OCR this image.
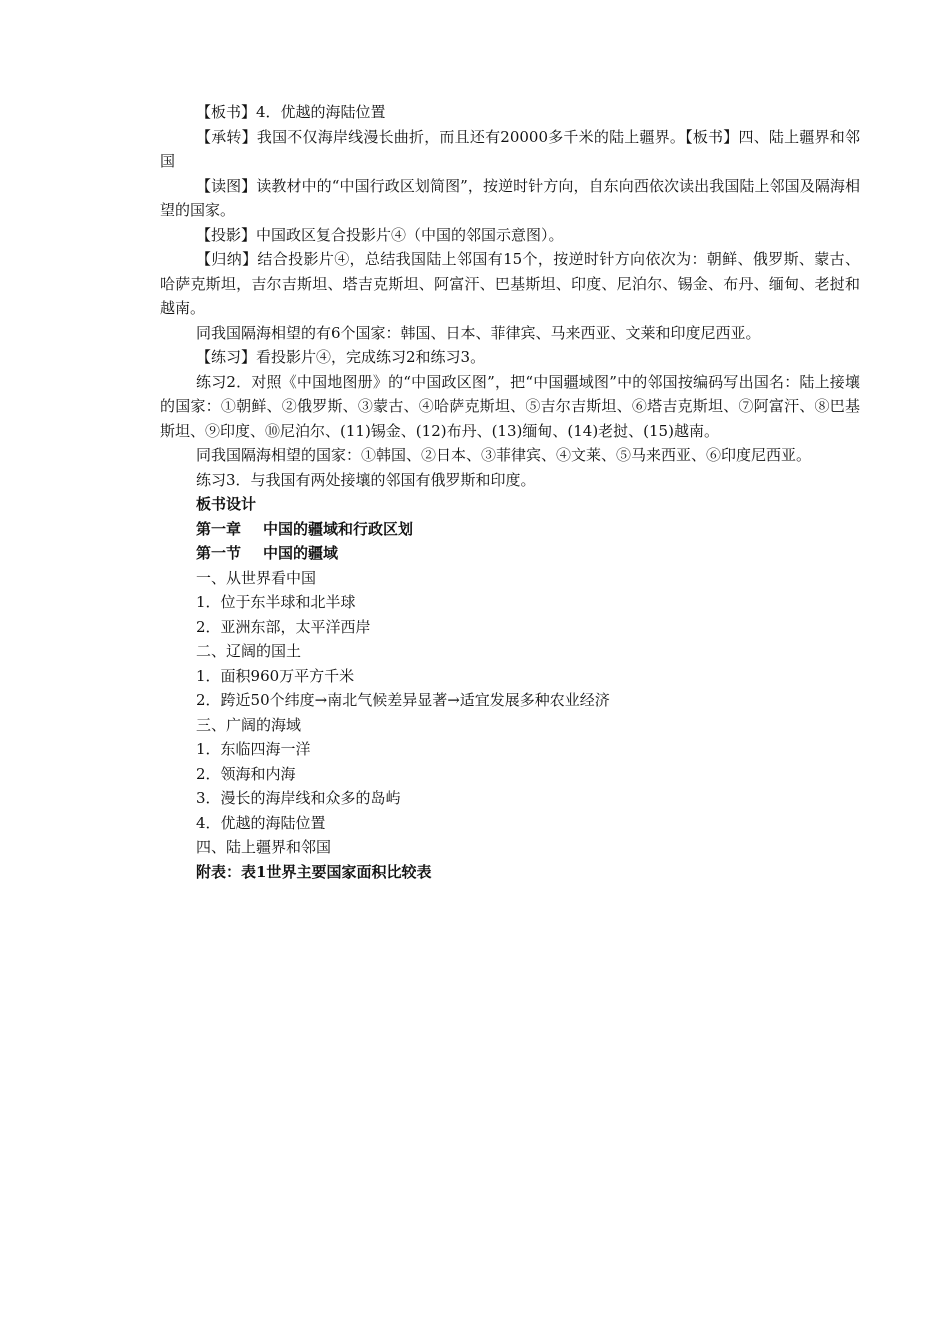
【板书】4．优越的海陆位置

【承转】我国不仅海岸线漫长曲折，而且还有20000多千米的陆上疆界。【板书】四、陆上疆界和邻国

【读图】读教材中的“中国行政区划简图”，按逆时针方向，自东向西依次读出我国陆上邻国及隔海相望的国家。

【投影】中国政区复合投影片④（中国的邻国示意图）。

【归纳】结合投影片④，总结我国陆上邻国有15个，按逆时针方向依次为：朝鲜、俄罗斯、蒙古、哈萨克斯坦，吉尔吉斯坦、塔吉克斯坦、阿富汗、巴基斯坦、印度、尼泊尔、锡金、布丹、缅甸、老挝和越南。

同我国隔海相望的有6个国家：韩国、日本、菲律宾、马来西亚、文莱和印度尼西亚。

【练习】看投影片④，完成练习2和练习3。

练习2．对照《中国地图册》的“中国政区图”，把“中国疆域图”中的邻国按编码写出国名：陆上接壤的国家：①朝鲜、②俄罗斯、③蒙古、④哈萨克斯坦、⑤吉尔吉斯坦、⑥塔吉克斯坦、⑦阿富汗、⑧巴基斯坦、⑨印度、⑩尼泊尔、(11)锡金、(12)布丹、(13)缅甸、(14)老挝、(15)越南。

同我国隔海相望的国家：①韩国、②日本、③菲律宾、④文莱、⑤马来西亚、⑥印度尼西亚。

练习3．与我国有两处接壤的邻国有俄罗斯和印度。

板书设计

第一章 中国的疆域和行政区划

第一节 中国的疆域

一、从世界看中国

1．位于东半球和北半球

2．亚洲东部，太平洋西岸

二、辽阔的国土

1．面积960万平方千米

2．跨近50个纬度→南北气候差异显著→适宜发展多种农业经济

三、广阔的海域

1．东临四海一洋

2．领海和内海

3．漫长的海岸线和众多的岛屿

4．优越的海陆位置

四、陆上疆界和邻国

附表：表1世界主要国家面积比较表
